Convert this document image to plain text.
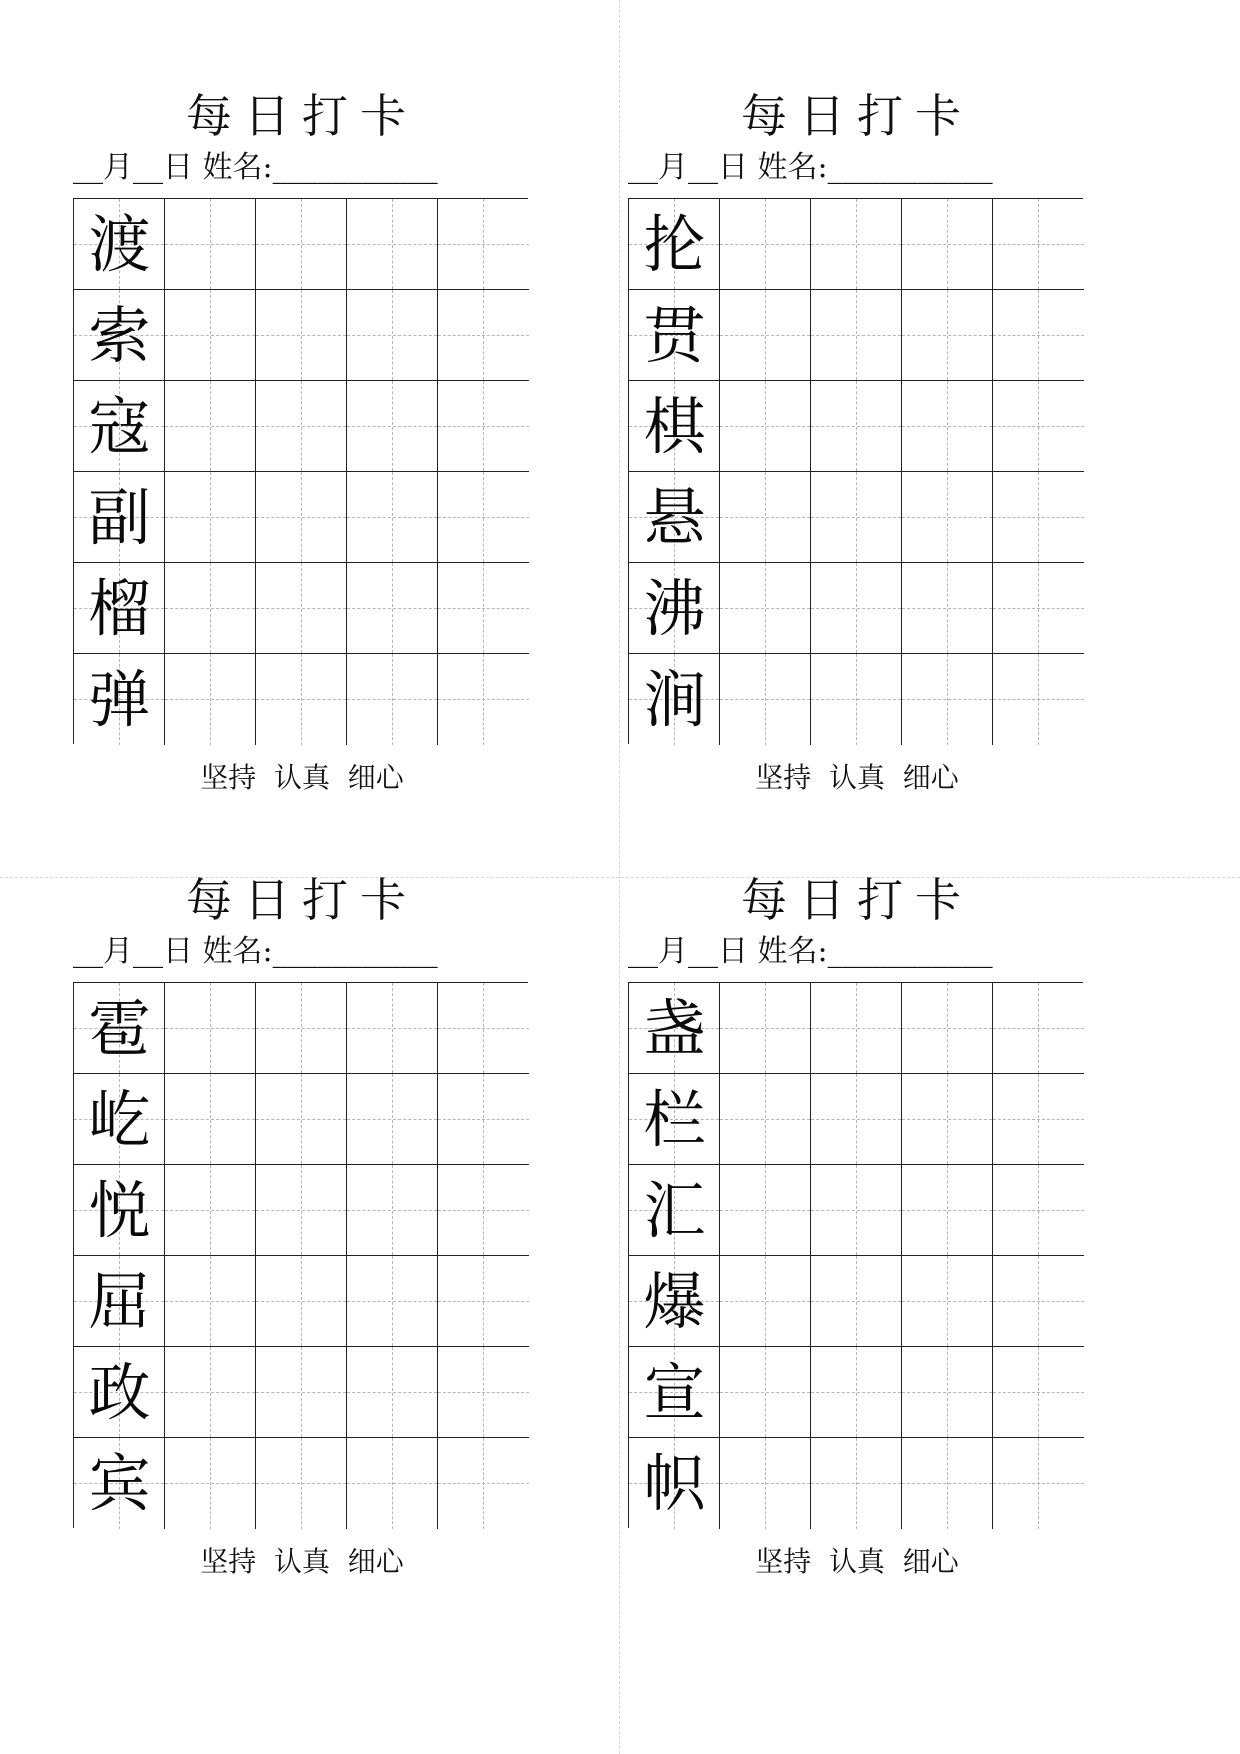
每日打卡
__月__日 姓名:___________
渡
索
寇
副
榴
弹
坚持  认真  细心
每日打卡
__月__日 姓名:___________
抡
贯
棋
悬
沸
涧
坚持  认真  细心
每日打卡
__月__日 姓名:___________
雹
屹
悦
屈
政
宾
坚持  认真  细心
每日打卡
__月__日 姓名:___________
盏
栏
汇
爆
宣
帜
坚持  认真  细心
